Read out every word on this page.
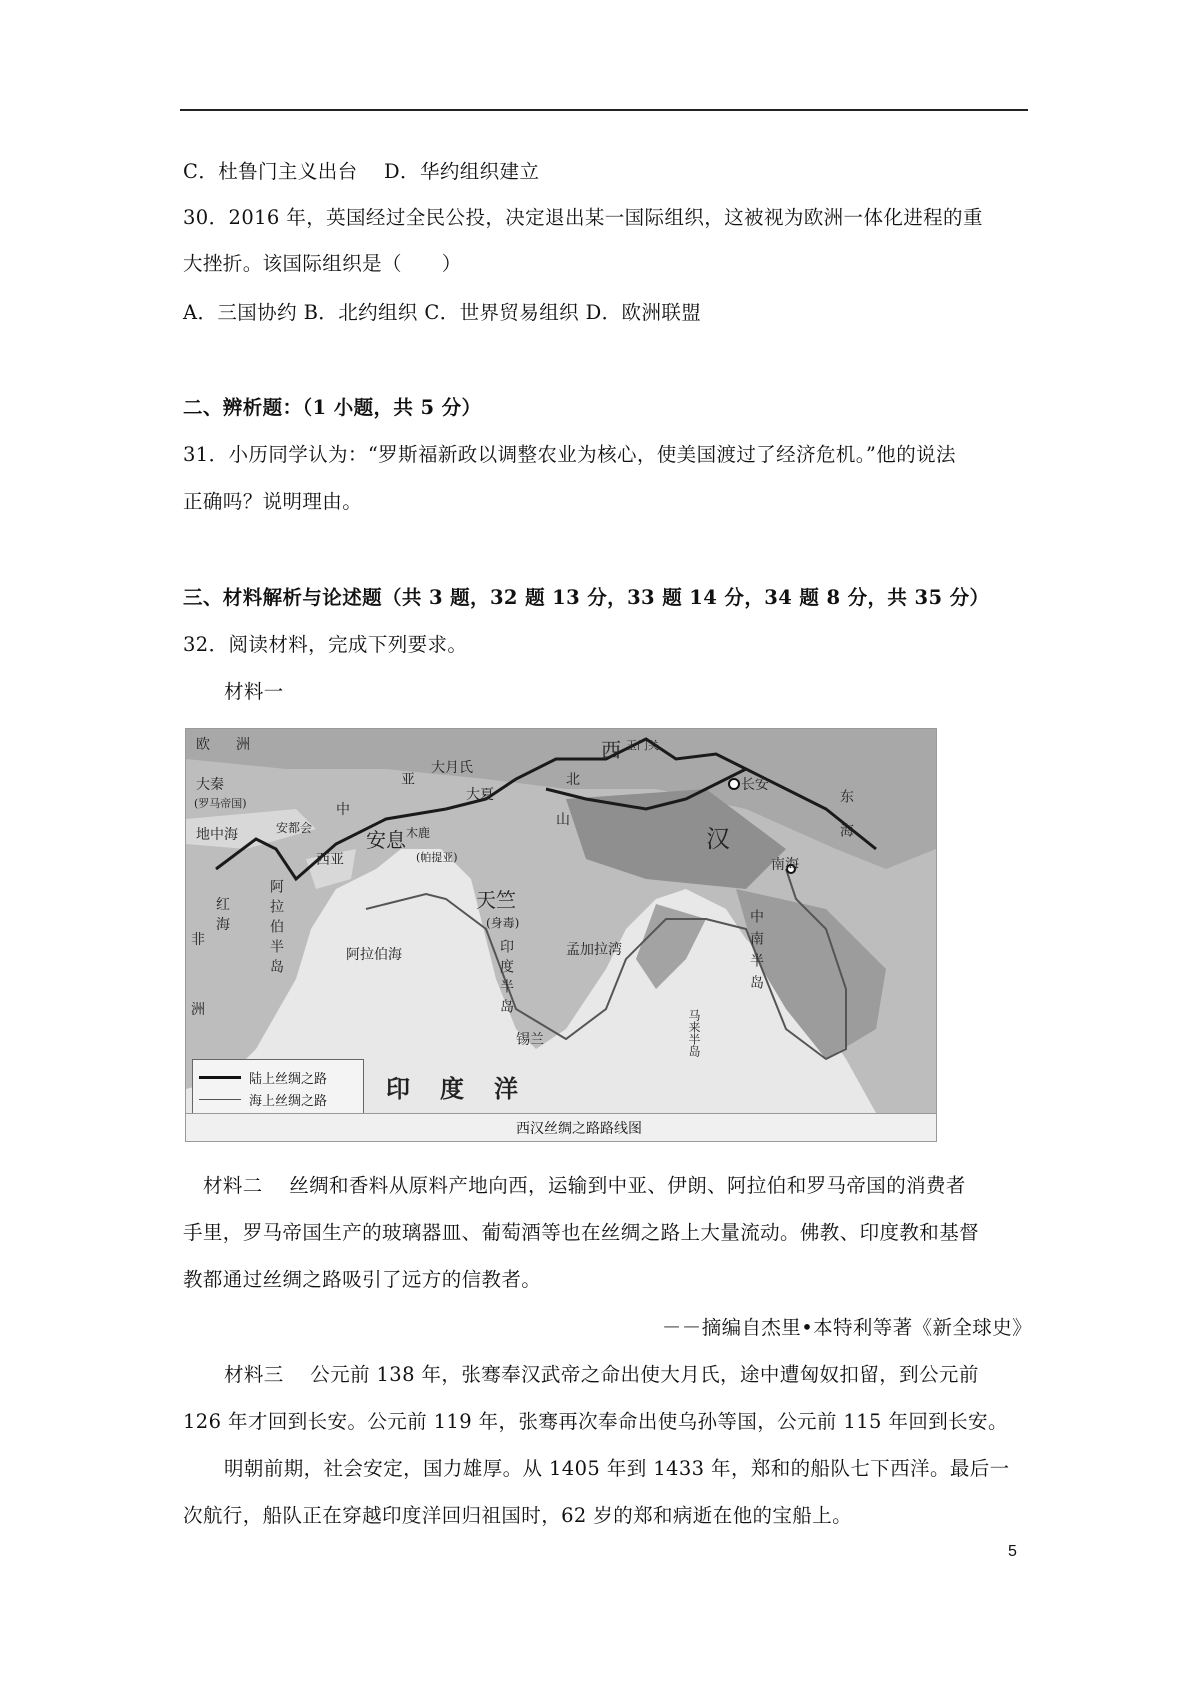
C．杜鲁门主义出台　 D．华约组织建立
30．2016 年，英国经过全民公投，决定退出某一国际组织，这被视为欧洲一体化进程的重
大挫折。该国际组织是（　　）
A．三国协约 B．北约组织 C．世界贸易组织 D．欧洲联盟
二、辨析题：（1 小题，共 5 分）
31．小历同学认为：“罗斯福新政以调整农业为核心，使美国渡过了经济危机。”他的说法
正确吗？说明理由。
三、材料解析与论述题（共 3 题，32 题 13 分，33 题 14 分，34 题 8 分，共 35 分）
32．阅读材料，完成下列要求。
材料一
欧 洲
大秦
(罗马帝国)
地中海
红
海
非
洲
阿拉伯半岛
西亚
安息
(帕提亚)
安都会
中
亚
木鹿
大月氏
大夏
天竺
(身毒)
印度半岛
阿拉伯海	孟加拉湾
锡兰	马来半岛
中南半岛
北
山
西 玉门关
汉
长安
南海
东海
印度洋
陆上丝绸之路
海上丝绸之路
西汉丝绸之路路线图
材料二　 丝绸和香料从原料产地向西，运输到中亚、伊朗、阿拉伯和罗马帝国的消费者
手里，罗马帝国生产的玻璃器皿、葡萄酒等也在丝绸之路上大量流动。佛教、印度教和基督
教都通过丝绸之路吸引了远方的信教者。
－－摘编自杰里•本特利等著《新全球史》
材料三　 公元前 138 年，张骞奉汉武帝之命出使大月氏，途中遭匈奴扣留，到公元前
126 年才回到长安。公元前 119 年，张骞再次奉命出使乌孙等国，公元前 115 年回到长安。
明朝前期，社会安定，国力雄厚。从 1405 年到 1433 年，郑和的船队七下西洋。最后一
次航行，船队正在穿越印度洋回归祖国时，62 岁的郑和病逝在他的宝船上。
5
